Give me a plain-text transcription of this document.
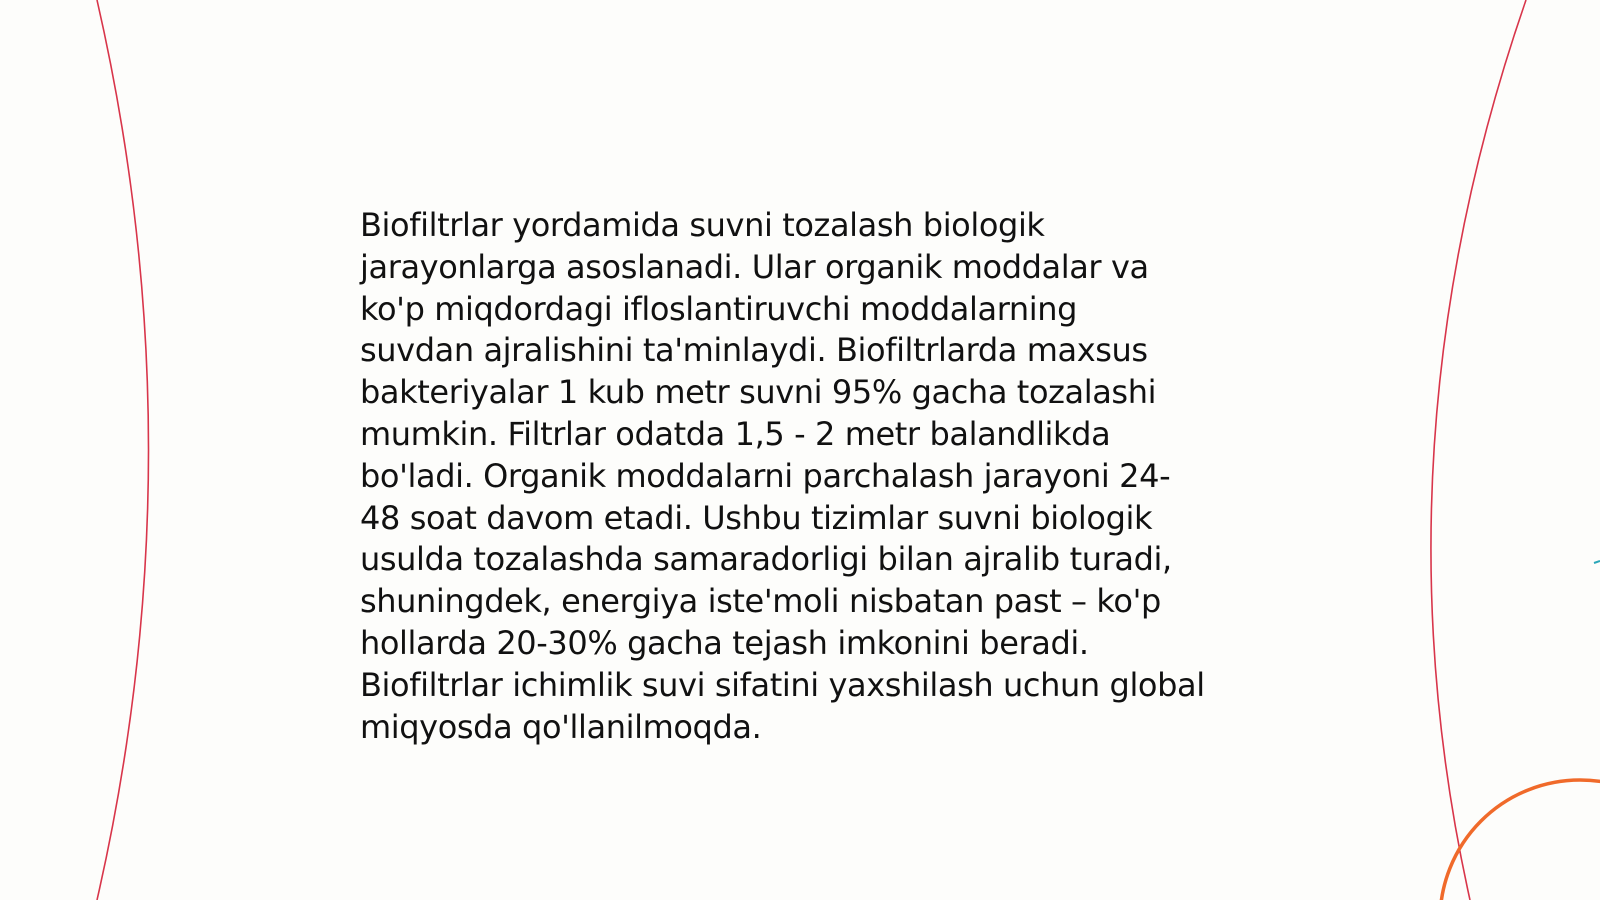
Biofiltrlar yordamida suvni tozalash biologik
jarayonlarga asoslanadi. Ular organik moddalar va
ko'p miqdordagi ifloslantiruvchi moddalarning
suvdan ajralishini ta'minlaydi. Biofiltrlarda maxsus
bakteriyalar 1 kub metr suvni 95% gacha tozalashi
mumkin. Filtrlar odatda 1,5 - 2 metr balandlikda
bo'ladi. Organik moddalarni parchalash jarayoni 24-
48 soat davom etadi. Ushbu tizimlar suvni biologik
usulda tozalashda samaradorligi bilan ajralib turadi,
shuningdek, energiya iste'moli nisbatan past – ko'p
hollarda 20-30% gacha tejash imkonini beradi.
Biofiltrlar ichimlik suvi sifatini yaxshilash uchun global
miqyosda qo'llanilmoqda.
